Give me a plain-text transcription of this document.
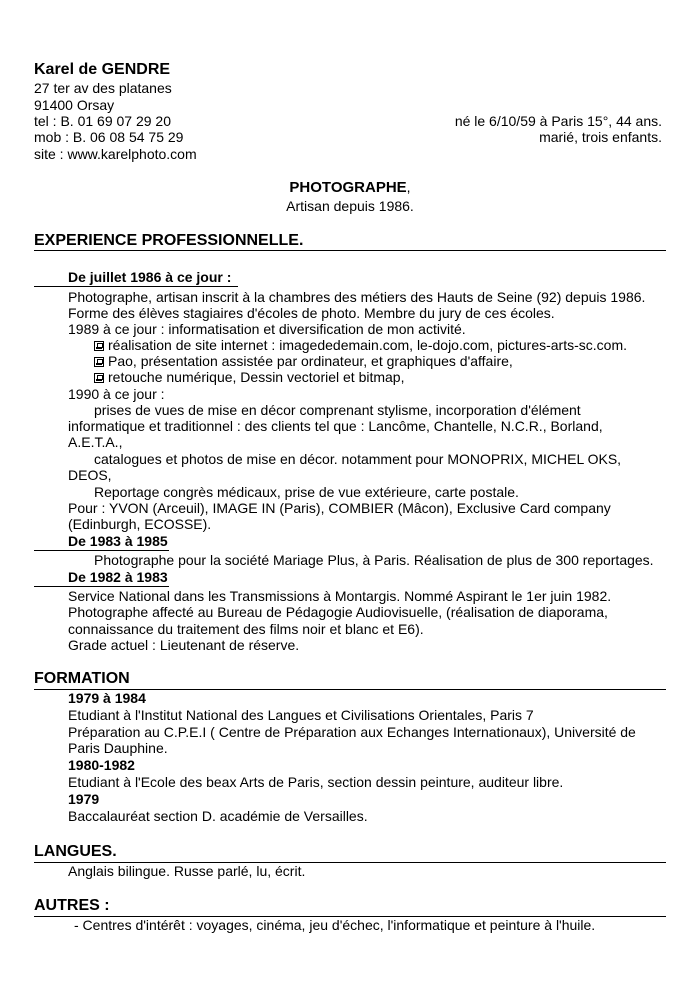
Karel de GENDRE
27 ter av des platanes
91400 Orsay
tel : B. 01 69 07 29 20
mob : B. 06 08 54 75 29
site : www.karelphoto.com
né le 6/10/59 à Paris 15°, 44 ans.
marié, trois enfants.
PHOTOGRAPHE,
Artisan depuis 1986.
EXPERIENCE PROFESSIONNELLE.
De juillet 1986 à ce jour :
Photographe, artisan inscrit à la chambres des métiers des Hauts de Seine (92) depuis 1986.
Forme des élèves stagiaires d'écoles de photo. Membre du jury de ces écoles.
1989 à ce jour : informatisation et diversification de mon activité.
réalisation de site internet : imagededemain.com, le-dojo.com, pictures-arts-sc.com.
Pao, présentation assistée par ordinateur, et graphiques d'affaire,
retouche numérique, Dessin vectoriel et bitmap,
1990 à ce jour :
prises de vues de mise en décor comprenant stylisme, incorporation d'élément
informatique et traditionnel : des clients tel que : Lancôme, Chantelle, N.C.R., Borland,
A.E.T.A.,
catalogues et photos de mise en décor. notamment pour MONOPRIX, MICHEL OKS,
DEOS,
Reportage congrès médicaux, prise de vue extérieure, carte postale.
Pour : YVON (Arceuil), IMAGE IN (Paris), COMBIER (Mâcon), Exclusive Card company
(Edinburgh, ECOSSE).
De 1983 à 1985
Photographe pour la société Mariage Plus, à Paris. Réalisation de plus de 300 reportages.
De 1982 à 1983
Service National dans les Transmissions à Montargis. Nommé Aspirant le 1er juin 1982.
Photographe affecté au Bureau de Pédagogie Audiovisuelle, (réalisation de diaporama,
connaissance du traitement des films noir et blanc et E6).
Grade actuel : Lieutenant de réserve.
FORMATION
1979 à 1984
Etudiant à l'Institut National des Langues et Civilisations Orientales, Paris 7
Préparation au C.P.E.I ( Centre de Préparation aux Echanges Internationaux), Université de
Paris Dauphine.
1980-1982
Etudiant à l'Ecole des beax Arts de Paris, section dessin peinture, auditeur libre.
1979
Baccalauréat section D. académie de Versailles.
LANGUES.
Anglais bilingue. Russe parlé, lu, écrit.
AUTRES :
- Centres d'intérêt : voyages, cinéma, jeu d'échec, l'informatique et peinture à l'huile.
